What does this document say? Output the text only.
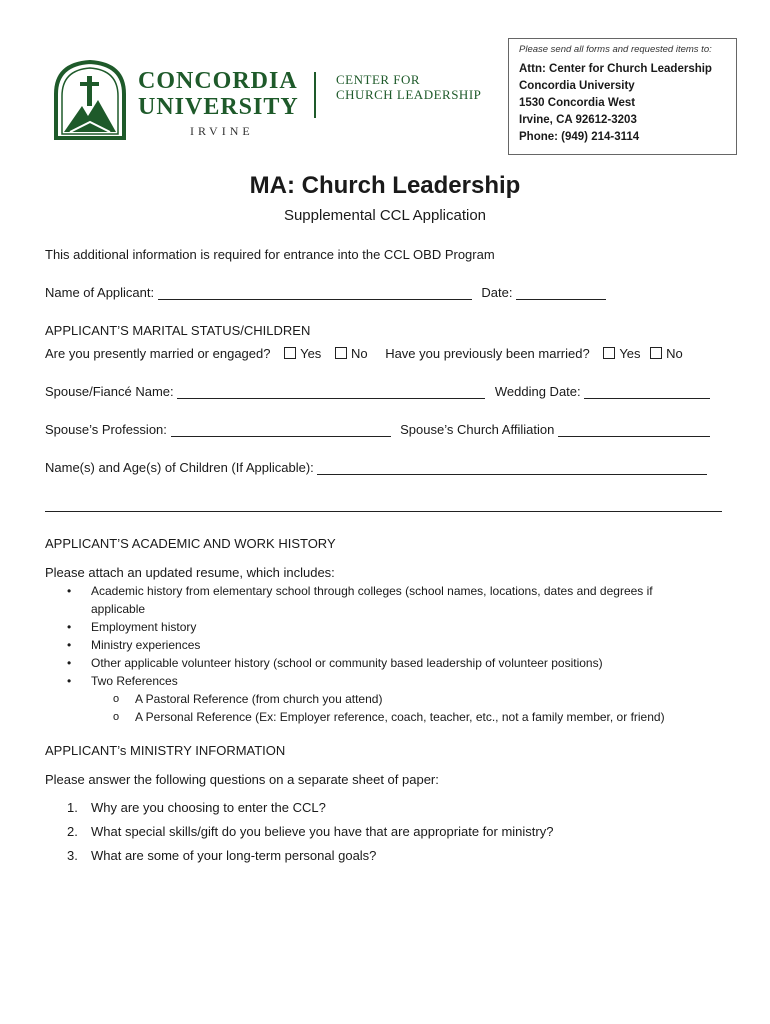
CONCORDIA
UNIVERSITY
IRVINE
CENTER FOR
CHURCH LEADERSHIP
Please send all forms and requested items to:
Attn: Center for Church Leadership
Concordia University
1530 Concordia West
Irvine, CA 92612-3203
Phone: (949) 214-3114
MA: Church Leadership
Supplemental CCL Application
This additional information is required for entrance into the CCL OBD Program
Name of Applicant:	Date:
APPLICANT’S MARITAL STATUS/CHILDREN
Are you presently married or engaged? Yes No Have you previously been married? Yes No
Spouse/Fiancé Name:	Wedding Date:
Spouse’s Profession:	Spouse’s Church Affiliation
Name(s) and Age(s) of Children (If Applicable):
APPLICANT’S ACADEMIC AND WORK HISTORY
Please attach an updated resume, which includes:
• Academic history from elementary school through colleges (school names, locations, dates and degrees if
applicable
• Employment history
• Ministry experiences
• Other applicable volunteer history (school or community based leadership of volunteer positions)
• Two References
o A Pastoral Reference (from church you attend)
o A Personal Reference (Ex: Employer reference, coach, teacher, etc., not a family member, or friend)
APPLICANT’s MINISTRY INFORMATION
Please answer the following questions on a separate sheet of paper:
1. Why are you choosing to enter the CCL?
2. What special skills/gift do you believe you have that are appropriate for ministry?
3. What are some of your long-term personal goals?
